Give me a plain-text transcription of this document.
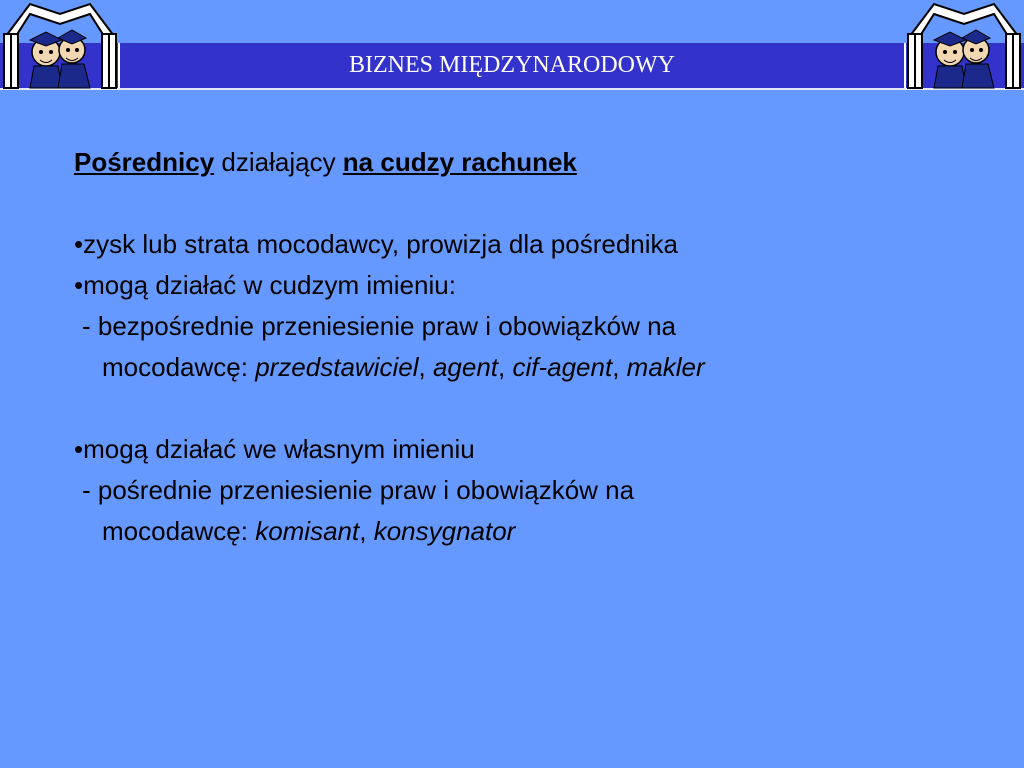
BIZNES MIĘDZYNARODOWY
Pośrednicy działający na cudzy rachunek
•zysk lub strata mocodawcy, prowizja dla pośrednika
•mogą działać w cudzym imieniu:
- bezpośrednie przeniesienie praw i obowiązków na
mocodawcę: przedstawiciel, agent, cif-agent, makler
•mogą działać we własnym imieniu
- pośrednie przeniesienie praw i obowiązków na
mocodawcę: komisant, konsygnator
